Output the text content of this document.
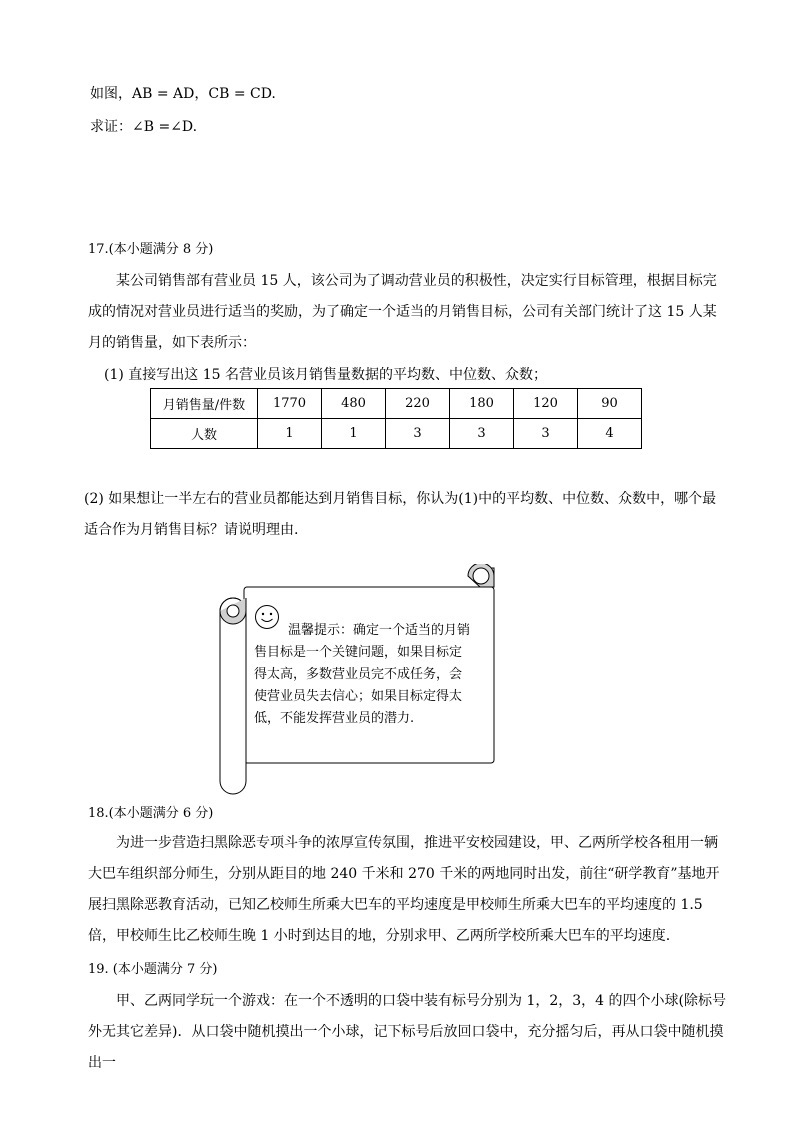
如图，AB = AD，CB = CD.

求证：∠B =∠D.

17.(本小题满分 8 分)

某公司销售部有营业员 15 人，该公司为了调动营业员的积极性，决定实行目标管理，根据目标完成的情况对营业员进行适当的奖励，为了确定一个适当的月销售目标，公司有关部门统计了这 15 人某月的销售量，如下表所示：

(1) 直接写出这 15 名营业员该月销售量数据的平均数、中位数、众数；

月销售量/件数	1770	480	220	180	120	90
人数	1	1	3	3	3	4

(2) 如果想让一半左右的营业员都能达到月销售目标，你认为(1)中的平均数、中位数、众数中，哪个最适合作为月销售目标？请说明理由.

温馨提示：确定一个适当的月销
售目标是一个关键问题，如果目标定
得太高，多数营业员完不成任务，会
使营业员失去信心；如果目标定得太
低，不能发挥营业员的潜力.

18.(本小题满分 6 分)

为进一步营造扫黑除恶专项斗争的浓厚宣传氛围，推进平安校园建设，甲、乙两所学校各租用一辆大巴车组织部分师生，分别从距目的地 240 千米和 270 千米的两地同时出发，前往“研学教育”基地开展扫黑除恶教育活动，已知乙校师生所乘大巴车的平均速度是甲校师生所乘大巴车的平均速度的 1.5 倍，甲校师生比乙校师生晚 1 小时到达目的地，分别求甲、乙两所学校所乘大巴车的平均速度.

19. (本小题满分 7 分)

甲、乙两同学玩一个游戏：在一个不透明的口袋中装有标号分别为 1，2，3，4 的四个小球(除标号外无其它差异)．从口袋中随机摸出一个小球，记下标号后放回口袋中，充分摇匀后，再从口袋中随机摸出一
